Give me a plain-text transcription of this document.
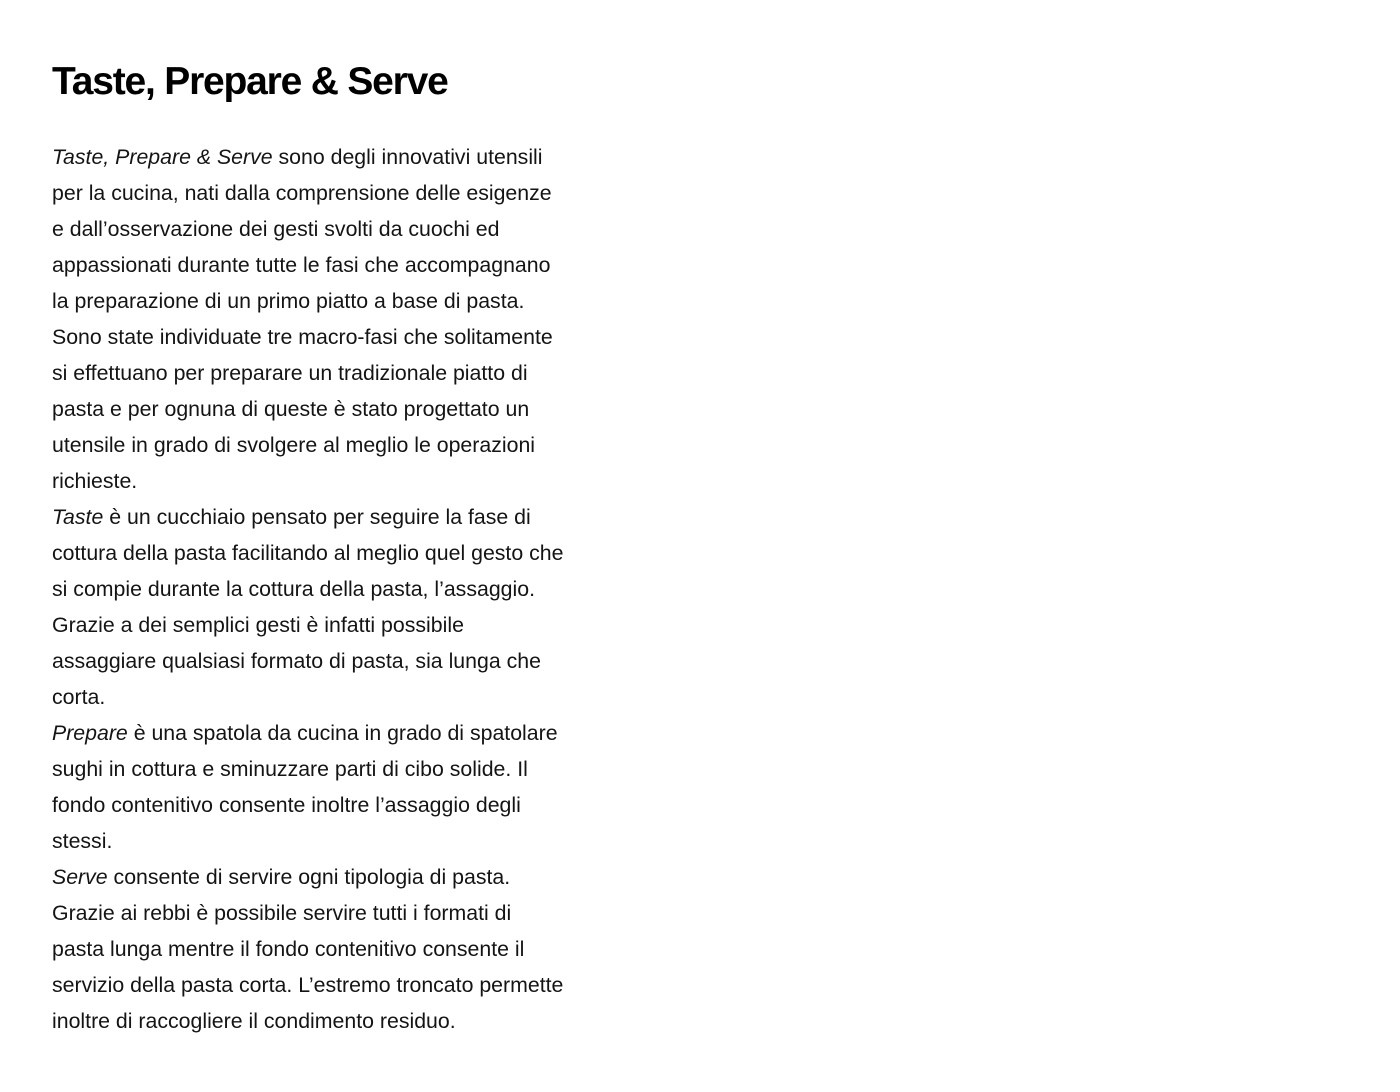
Taste, Prepare & Serve
Taste, Prepare & Serve sono degli innovativi utensili
per la cucina, nati dalla comprensione delle esigenze
e dall’osservazione dei gesti svolti da cuochi ed
appassionati durante tutte le fasi che accompagnano
la preparazione di un primo piatto a base di pasta.
Sono state individuate tre macro-fasi che solitamente
si effettuano per preparare un tradizionale piatto di
pasta e per ognuna di queste è stato progettato un
utensile in grado di svolgere al meglio le operazioni
richieste.
Taste è un cucchiaio pensato per seguire la fase di
cottura della pasta facilitando al meglio quel gesto che
si compie durante la cottura della pasta, l’assaggio.
Grazie a dei semplici gesti è infatti possibile
assaggiare qualsiasi formato di pasta, sia lunga che
corta.
Prepare è una spatola da cucina in grado di spatolare
sughi in cottura e sminuzzare parti di cibo solide. Il
fondo contenitivo consente inoltre l’assaggio degli
stessi.
Serve consente di servire ogni tipologia di pasta.
Grazie ai rebbi è possibile servire tutti i formati di
pasta lunga mentre il fondo contenitivo consente il
servizio della pasta corta. L’estremo troncato permette
inoltre di raccogliere il condimento residuo.
